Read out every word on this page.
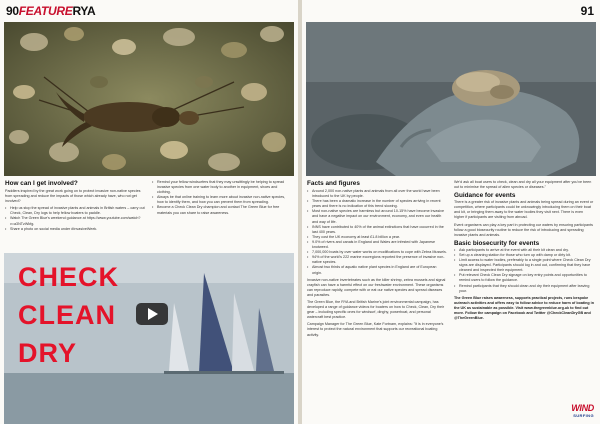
90FEATURERYA
How can I get involved?

Paddlers inspired by the great work going on to protect invasive non-native species from spreading and reduce the impacts of those which already have, who not get involved?

• Help us stop the spread of invasive plants and animals in British waters – carry out Check, Clean, Dry logs to help fellow boaters to paddle.
• Watch The Green Blue's weekend guidance at https://www.youtube.com/watch?v=a3NTzWkfg.
• Share a photo on social media under #InvasiveWeek.
• Remind your fellow windsurfers that they may unwittingly be helping to spread invasive species from one water body to another in equipment, shoes and clothing.
• Always be that online training to learn more about invasive non-native species, how to identify them, and how you can prevent them from spreading.
• Become a Check Clean Dry champion and contact The Green Blue for free materials you can share to raise awareness.
CHECK
CLEAN
DRY
91
Facts and figures
• Around 2,000 non-native plants and animals from all over the world have been introduced to the UK by people.
• There has been a dramatic increase in the number of species arriving in recent years and there is no indication of this trend slowing.
• Most non-native species are harmless but around 10-15% have become invasive and have a negative impact on our environment, economy, and even our health and way of life.
• INNS have contributed to 40% of the animal extinctions that have occurred in the last 400 years.
• They cost the UK economy at least £1.8 billion a year.
• 9.0% of rivers and canals in England and Wales are infested with Japanese knotweed.
• 7,000,000 boats by over water works on modifications to cope with Zebra Mussels.
• 94% of the world's 222 marine ecoregions reported the presence of invasive non-native species.
• Almost two thirds of aquatic native plant species in England are of European origin.

Invasive non-native invertebrates such as the killer shrimp, zebra mussels and signal crayfish can have a harmful effect on our freshwater environment. These organisms can reproduce rapidly, compete with or eat our native species and spread diseases and parasites.

The Green Blue, the RYA and British Marine's joint environmental campaign, has developed a range of guidance videos for boaters on how to Check, Clean, Dry their gear – including specific ones for windsurf, dinghy, powerboat, and personal watercraft best practice.

Campaign Manager for The Green Blue, Kate Fortnam, explains: "It is in everyone's interest to protect the natural environment that supports our recreational boating activity.

We'd ask all boat users to check, clean and dry all your equipment after you've been out to minimise the spread of alien species or diseases."

Guidance for events

There is a greater risk of invasive plants and animals being spread during an event or competition, where participants could be unknowingly introducing them on their boat and kit, or bringing them away to the water bodies they visit next. There is even higher if participants are visiting from abroad.

Event organisers can play a key part in protecting our waters by ensuring participants follow a good biosecurity routine to reduce the risk of introducing and spreading invasive plants and animals.

Basic biosecurity for events
• Ask participants to arrive at the event with all their kit clean and dry.
• Set up a cleaning station for those who turn up with damp or dirty kit.
• Limit access to water bodies, preferably to a single point where Check Clean Dry signs are displayed. Participants should log in and out, confirming that they have cleaned and inspected their equipment.
• Put relevant Check Clean Dry signage on key entry points and opportunities to remind users to follow the guidance.
• Remind participants that they should clean and dry their equipment after leaving your.

The Green Blue raises awareness, supports practical projects, runs bespoke outreach activities and offers easy to follow advice to reduce harm of boating in the UK as sustainable as possible. Visit www.thegreenblue.org.uk to find out more. Follow the campaign on Facebook and Twitter @CheckCleanDryGB and @TheGreenBlue.

WIND
SURFING
